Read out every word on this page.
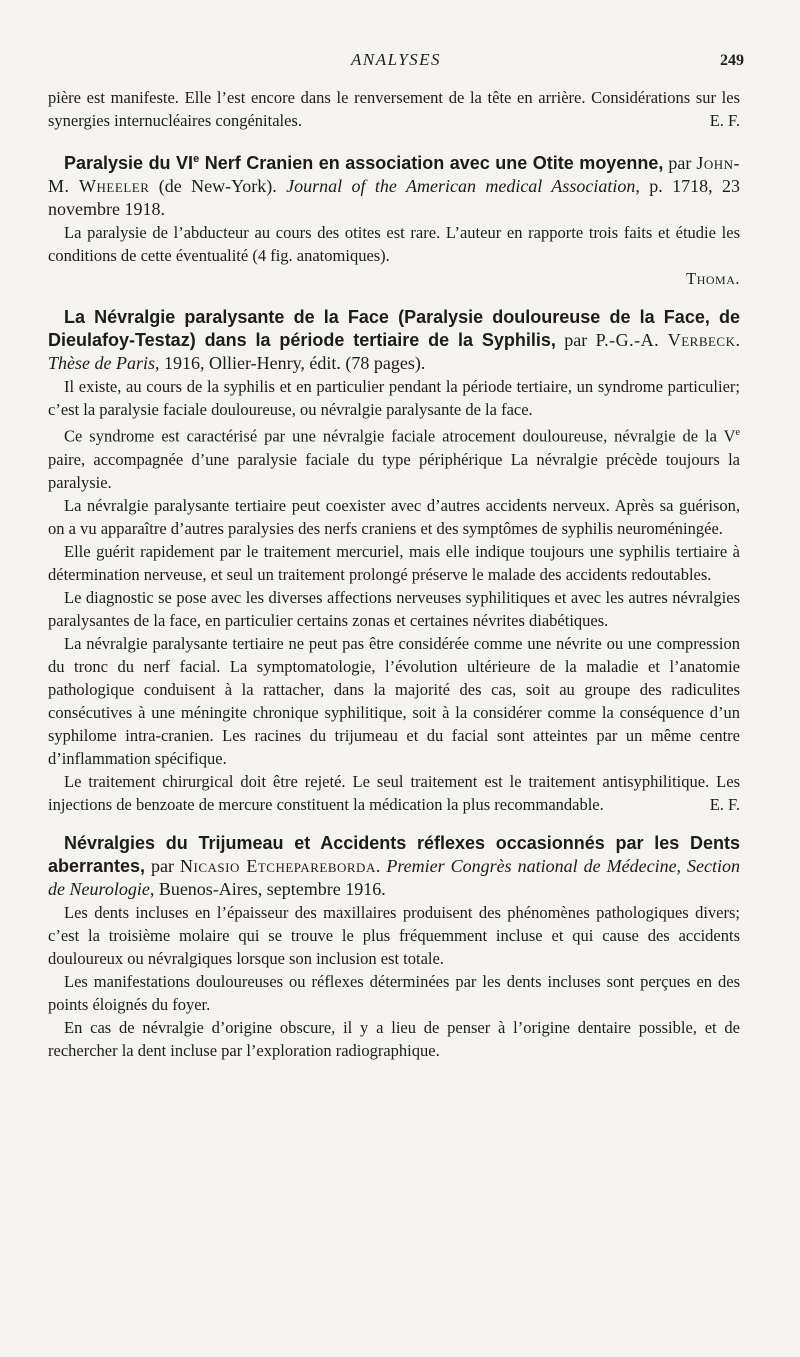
ANALYSES	249

pière est manifeste. Elle l’est encore dans le renversement de la tête en arrière. Considérations sur les synergies internucléaires congénitales.	E. F.

Paralysie du VIe Nerf Cranien en association avec une Otite moyenne, par John-M. Wheeler (de New-York). Journal of the American medical Association, p. 1718, 23 novembre 1918.

La paralysie de l’abducteur au cours des otites est rare. L’auteur en rapporte trois faits et étudie les conditions de cette éventualité (4 fig. anatomiques).

Thoma.

La Névralgie paralysante de la Face (Paralysie douloureuse de la Face, de Dieulafoy-Testaz) dans la période tertiaire de la Syphilis, par P.-G.-A. Verbeck. Thèse de Paris, 1916, Ollier-Henry, édit. (78 pages).

Il existe, au cours de la syphilis et en particulier pendant la période tertiaire, un syndrome particulier; c’est la paralysie faciale douloureuse, ou névralgie paralysante de la face.

Ce syndrome est caractérisé par une névralgie faciale atrocement douloureuse, névralgie de la Ve paire, accompagnée d’une paralysie faciale du type périphérique La névralgie précède toujours la paralysie.

La névralgie paralysante tertiaire peut coexister avec d’autres accidents nerveux. Après sa guérison, on a vu apparaître d’autres paralysies des nerfs craniens et des symptômes de syphilis neuroméningée.

Elle guérit rapidement par le traitement mercuriel, mais elle indique toujours une syphilis tertiaire à détermination nerveuse, et seul un traitement prolongé préserve le malade des accidents redoutables.

Le diagnostic se pose avec les diverses affections nerveuses syphilitiques et avec les autres névralgies paralysantes de la face, en particulier certains zonas et certaines névrites diabétiques.

La névralgie paralysante tertiaire ne peut pas être considérée comme une névrite ou une compression du tronc du nerf facial. La symptomatologie, l’évolution ultérieure de la maladie et l’anatomie pathologique conduisent à la rattacher, dans la majorité des cas, soit au groupe des radiculites consécutives à une méningite chronique syphilitique, soit à la considérer comme la conséquence d’un syphilome intra-cranien. Les racines du trijumeau et du facial sont atteintes par un même centre d’inflammation spécifique.

Le traitement chirurgical doit être rejeté. Le seul traitement est le traitement antisyphilitique. Les injections de benzoate de mercure constituent la médication la plus recommandable.	E. F.

Névralgies du Trijumeau et Accidents réflexes occasionnés par les Dents aberrantes, par Nicasio Etchepareborda. Premier Congrès national de Médecine, Section de Neurologie, Buenos-Aires, septembre 1916.

Les dents incluses en l’épaisseur des maxillaires produisent des phénomènes pathologiques divers; c’est la troisième molaire qui se trouve le plus fréquemment incluse et qui cause des accidents douloureux ou névralgiques lorsque son inclusion est totale.

Les manifestations douloureuses ou réflexes déterminées par les dents incluses sont perçues en des points éloignés du foyer.

En cas de névralgie d’origine obscure, il y a lieu de penser à l’origine dentaire possible, et de rechercher la dent incluse par l’exploration radiographique.
